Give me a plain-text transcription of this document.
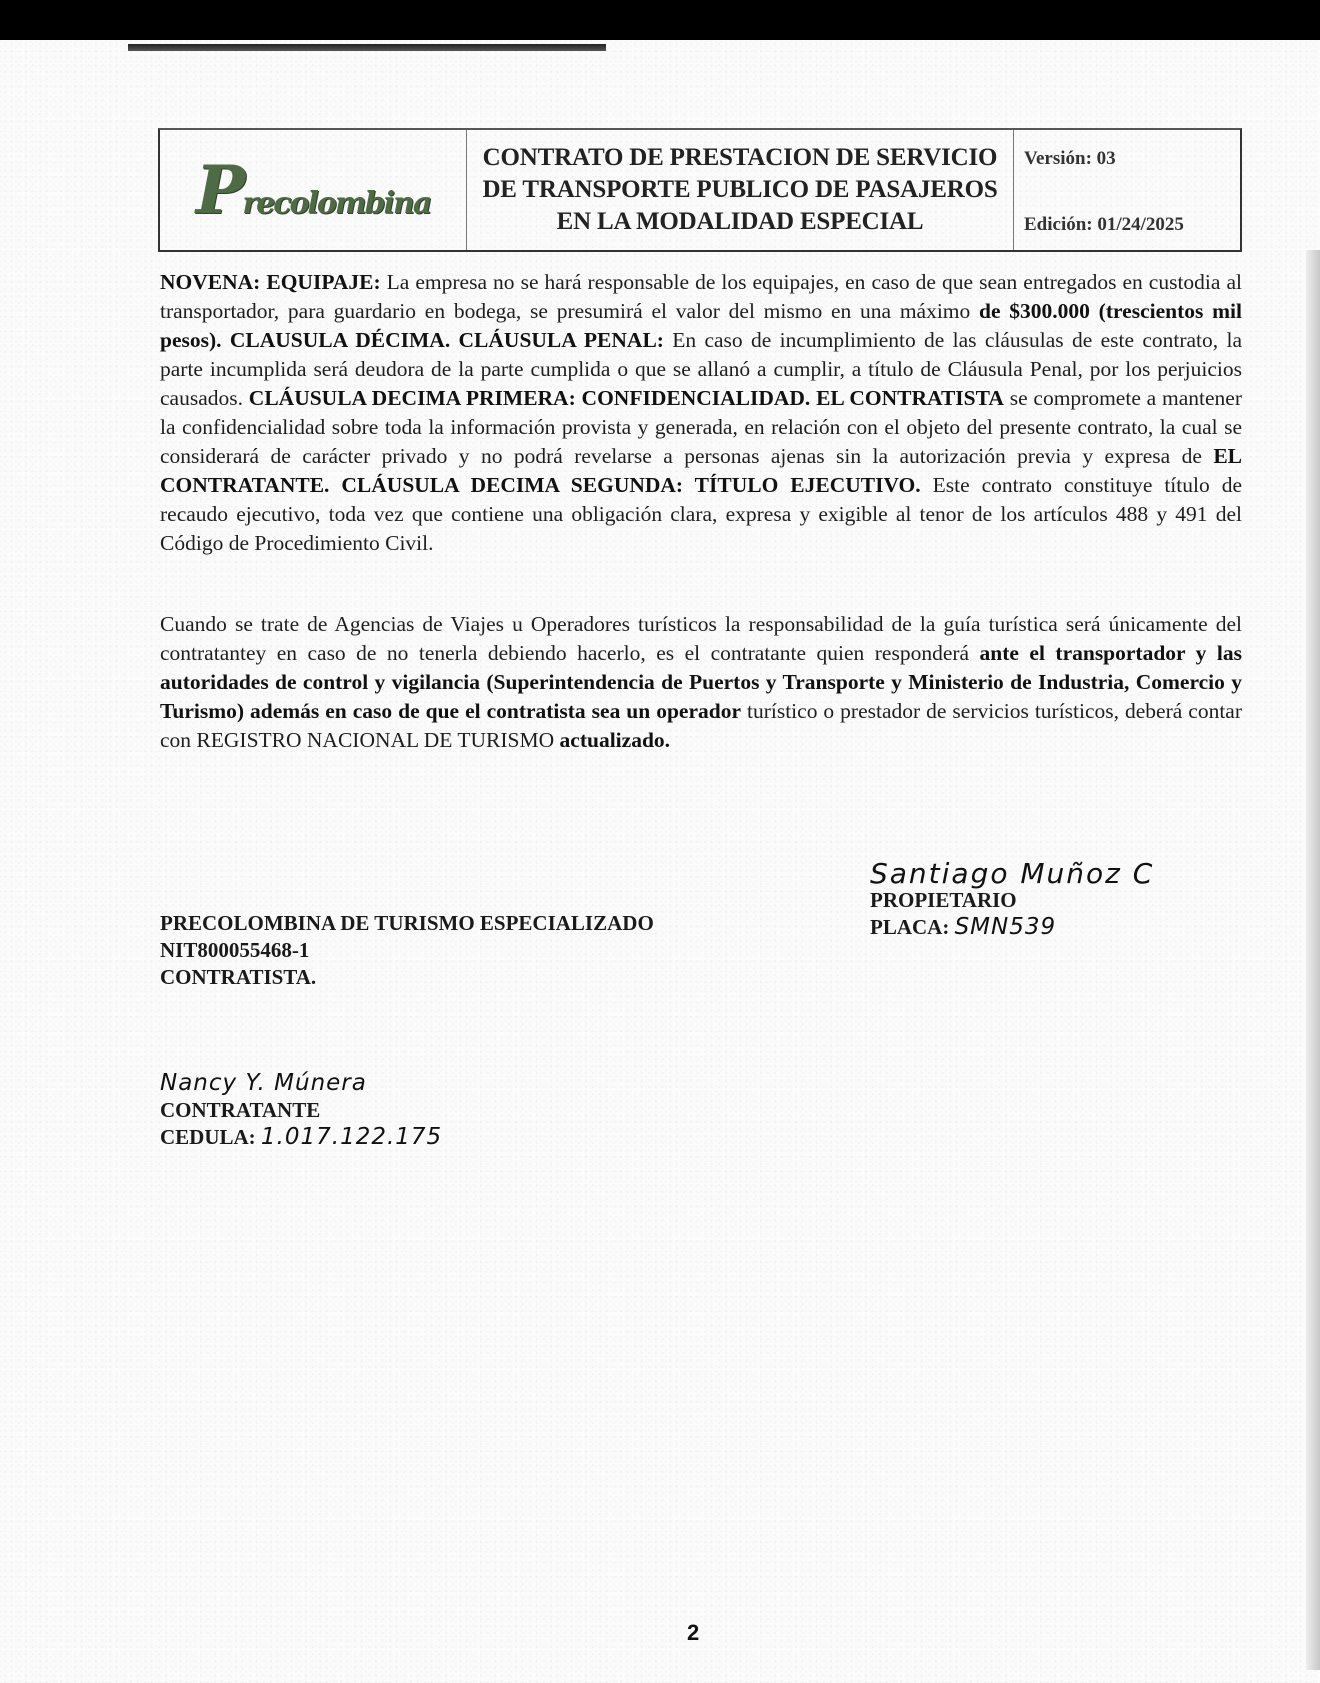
Precolombina
CONTRATO DE PRESTACION DE SERVICIO
DE TRANSPORTE PUBLICO DE PASAJEROS
EN LA MODALIDAD ESPECIAL
Versión: 03
Edición: 01/24/2025
NOVENA: EQUIPAJE: La empresa no se hará responsable de los equipajes, en caso de que sean entregados en custodia al transportador, para guardario en bodega, se presumirá el valor del mismo en una máximo de $300.000 (trescientos mil pesos). CLAUSULA DÉCIMA. CLÁUSULA PENAL: En caso de incumplimiento de las cláusulas de este contrato, la parte incumplida será deudora de la parte cumplida o que se allanó a cumplir, a título de Cláusula Penal, por los perjuicios causados. CLÁUSULA DECIMA PRIMERA: CONFIDENCIALIDAD. EL CONTRATISTA se compromete a mantener la confidencialidad sobre toda la información provista y generada, en relación con el objeto del presente contrato, la cual se considerará de carácter privado y no podrá revelarse a personas ajenas sin la autorización previa y expresa de EL CONTRATANTE. CLÁUSULA DECIMA SEGUNDA: TÍTULO EJECUTIVO. Este contrato constituye título de recaudo ejecutivo, toda vez que contiene una obligación clara, expresa y exigible al tenor de los artículos 488 y 491 del Código de Procedimiento Civil.
Cuando se trate de Agencias de Viajes u Operadores turísticos la responsabilidad de la guía turística será únicamente del contratantey en caso de no tenerla debiendo hacerlo, es el contratante quien responderá ante el transportador y las autoridades de control y vigilancia (Superintendencia de Puertos y Transporte y Ministerio de Industria, Comercio y Turismo) además en caso de que el contratista sea un operador turístico o prestador de servicios turísticos, deberá contar con REGISTRO NACIONAL DE TURISMO actualizado.
PRECOLOMBINA DE TURISMO ESPECIALIZADO
NIT800055468-1
CONTRATISTA.
Santiago Muñoz C
PROPIETARIO
PLACA: SMN539
Nancy Y. Múnera
CONTRATANTE
CEDULA: 1.017.122.175
2
